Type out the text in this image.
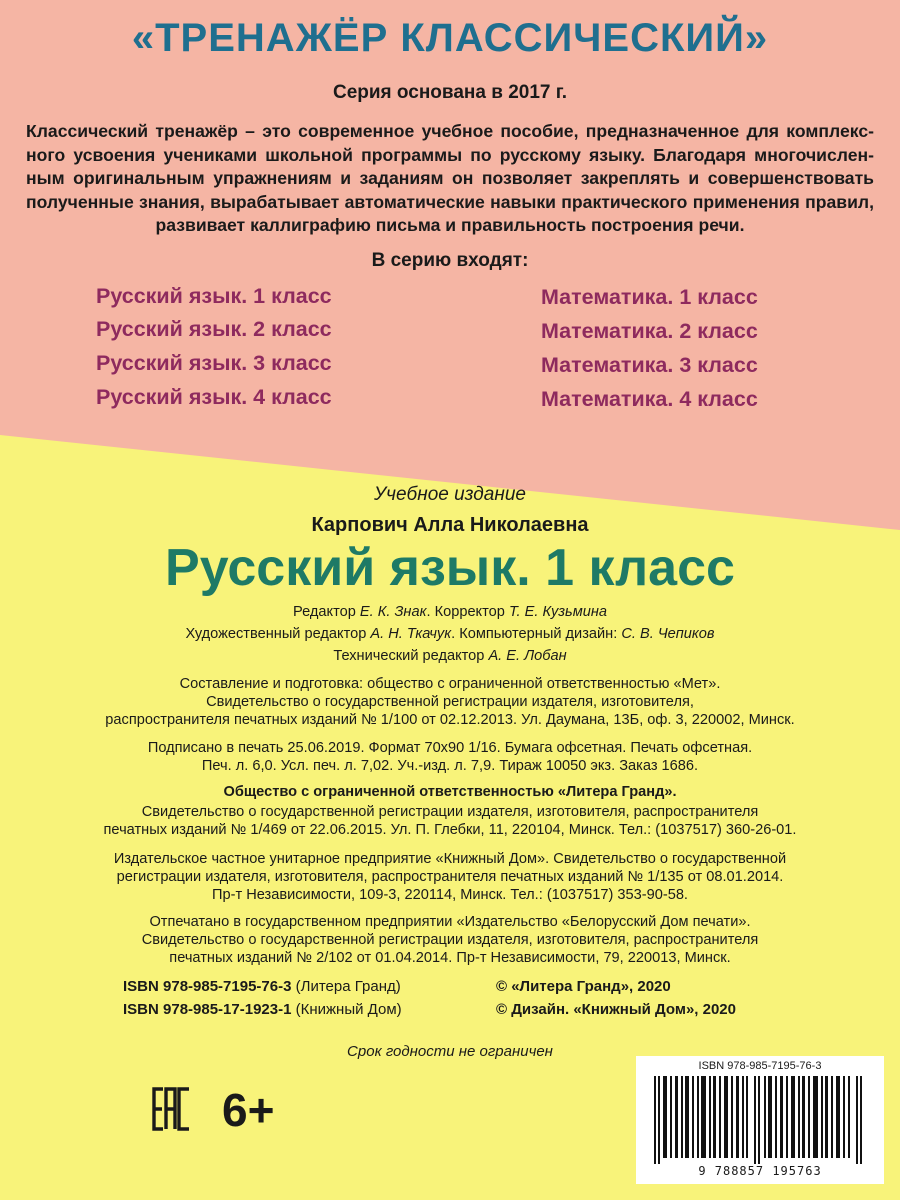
«ТРЕНАЖЁР КЛАССИЧЕСКИЙ»
Серия основана в 2017 г.
Классический тренажёр – это современное учебное пособие, предназначенное для комплекс- ного усвоения учениками школьной программы по русскому языку. Благодаря многочислен- ным оригинальным упражнениям и заданиям он позволяет закреплять и совершенствовать полученные знания, вырабатывает автоматические навыки практического применения правил, развивает каллиграфию письма и правильность построения речи.
В серию входят:
Русский язык. 1 класс
Русский язык. 2 класс
Русский язык. 3 класс
Русский язык. 4 класс
Математика. 1 класс
Математика. 2 класс
Математика. 3 класс
Математика. 4 класс
Учебное издание
Карпович Алла Николаевна
Русский язык. 1 класс
Редактор Е. К. Знак. Корректор Т. Е. Кузьмина
Художественный редактор А. Н. Ткачук. Компьютерный дизайн: С. В. Чепиков
Технический редактор А. Е. Лобан
Составление и подготовка: общество с ограниченной ответственностью «Мет».
Свидетельство о государственной регистрации издателя, изготовителя,
распространителя печатных изданий № 1/100 от 02.12.2013. Ул. Даумана, 13Б, оф. 3, 220002, Минск.
Подписано в печать 25.06.2019. Формат 70x90 1/16. Бумага офсетная. Печать офсетная.
Печ. л. 6,0. Усл. печ. л. 7,02. Уч.-изд. л. 7,9. Тираж 10050 экз. Заказ 1686.
Общество с ограниченной ответственностью «Литера Гранд».
Свидетельство о государственной регистрации издателя, изготовителя, распространителя
печатных изданий № 1/469 от 22.06.2015. Ул. П. Глебки, 11, 220104, Минск. Тел.: (1037517) 360-26-01.
Издательское частное унитарное предприятие «Книжный Дом». Свидетельство о государственной
регистрации издателя, изготовителя, распространителя печатных изданий № 1/135 от 08.01.2014.
Пр-т Независимости, 109-3, 220114, Минск. Тел.: (1037517) 353-90-58.
Отпечатано в государственном предприятии «Издательство «Белорусский Дом печати».
Свидетельство о государственной регистрации издателя, изготовителя, распространителя
печатных изданий № 2/102 от 01.04.2014. Пр-т Независимости, 79, 220013, Минск.
ISBN 978-985-7195-76-3 (Литера Гранд)
ISBN 978-985-17-1923-1 (Книжный Дом)
© «Литера Гранд», 2020
© Дизайн. «Книжный Дом», 2020
Срок годности не ограничен
6+
ISBN 978-985-7195-76-3
9 788857 195763
